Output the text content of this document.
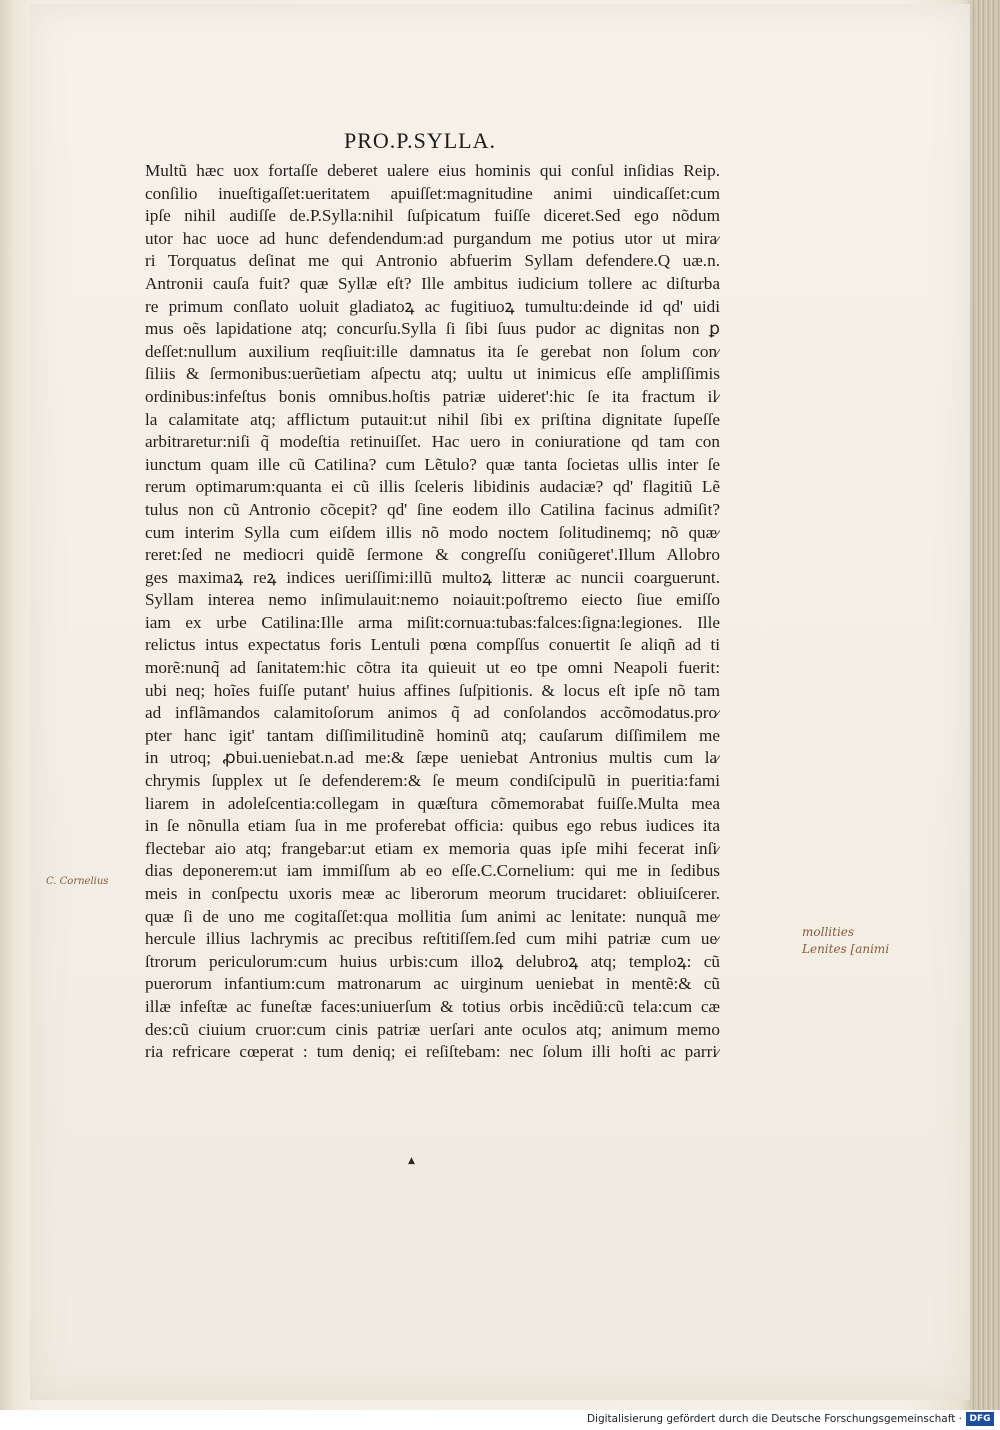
PRO.P.SYLLA.
Multũ hæc uox fortaſſe deberet ualere eius hominis qui conſul inſidias Reip.
conſilio inueſtigaſſet:ueritatem apuiſſet:magnitudine animi uindicaſſet:cum
ipſe nihil audiſſe de.P.Sylla:nihil ſuſpicatum fuiſſe diceret.Sed ego nõdum
utor hac uoce ad hunc defendendum:ad purgandum me potius utor ut mira⁄
ri Torquatus deſinat me qui Antronio abfuerim Syllam defendere.Q uæ.n.
Antronii cauſa fuit? quæ Syllæ eſt? Ille ambitus iudicium tollere ac diſturba
re primum conſlato uoluit gladiatoꝝ ac fugitiuoꝝ tumultu:deinde id qd' uidi
mus oẽs lapidatione atq; concurſu.Sylla ſi ſibi ſuus pudor ac dignitas non ꝑ
deſſet:nullum auxilium reqſiuit:ille damnatus ita ſe gerebat non ſolum con⁄
ſiliis & ſermonibus:uerũetiam aſpectu atq; uultu ut inimicus eſſe ampliſſimis
ordinibus:infeſtus bonis omnibus.hoſtis patriæ uideret':hic ſe ita fractum il⁄
la calamitate atq; afflictum putauit:ut nihil ſibi ex priſtina dignitate ſupeſſe
arbitraretur:niſi q̃ modeſtia retinuiſſet. Hac uero in coniuratione qd tam con
iunctum quam ille cũ Catilina? cum Lẽtulo? quæ tanta ſocietas ullis inter ſe
rerum optimarum:quanta ei cũ illis ſceleris libidinis audaciæ? qd' flagitiũ Lẽ
tulus non cũ Antronio cõcepit? qd' ſine eodem illo Catilina facinus admiſit?
cum interim Sylla cum eiſdem illis nõ modo noctem ſolitudinemq; nõ quæ⁄
reret:ſed ne mediocri quidẽ ſermone & congreſſu coniũgeret'.Illum Allobro
ges maximaꝝ reꝝ indices ueriſſimi:illũ multoꝝ litteræ ac nuncii coarguerunt.
Syllam interea nemo inſimulauit:nemo noiauit:poſtremo eiecto ſiue emiſſo
iam ex urbe Catilina:Ille arma miſit:cornua:tubas:falces:ſigna:legiones. Ille
relictus intus expectatus foris Lentuli pœna compſſus conuertit ſe aliqñ ad ti
morẽ:nunq̃ ad ſanitatem:hic cõtra ita quieuit ut eo tpe omni Neapoli fuerit:
ubi neq; hoĩes fuiſſe putant' huius affines ſuſpitionis. & locus eſt ipſe nõ tam
ad inflãmandos calamitoſorum animos q̃ ad conſolandos accõmodatus.pro⁄
pter hanc igit' tantam diſſimilitudinẽ hominũ atq; cauſarum diſſimilem me
in utroq; ꝓbui.ueniebat.n.ad me:& ſæpe ueniebat Antronius multis cum la⁄
chrymis ſupplex ut ſe defenderem:& ſe meum condiſcipulũ in pueritia:fami
liarem in adoleſcentia:collegam in quæſtura cõmemorabat fuiſſe.Multa mea
in ſe nõnulla etiam ſua in me proferebat officia: quibus ego rebus iudices ita
flectebar aio atq; frangebar:ut etiam ex memoria quas ipſe mihi fecerat inſi⁄
dias deponerem:ut iam immiſſum ab eo eſſe.C.Cornelium: qui me in ſedibus
meis in conſpectu uxoris meæ ac liberorum meorum trucidaret: obliuiſcerer.
quæ ſi de uno me cogitaſſet:qua mollitia ſum animi ac lenitate: nunquã me⁄
hercule illius lachrymis ac precibus reſtitiſſem.ſed cum mihi patriæ cum ue⁄
ſtrorum periculorum:cum huius urbis:cum illoꝝ delubroꝝ atq; temploꝝ: cũ
puerorum infantium:cum matronarum ac uirginum ueniebat in mentẽ:& cũ
illæ infeſtæ ac funeſtæ faces:uniuerſum & totius orbis incẽdiũ:cũ tela:cum cæ
des:cũ ciuium cruor:cum cinis patriæ uerſari ante oculos atq; animum memo
ria refricare cœperat : tum deniq; ei reſiſtebam: nec ſolum illi hoſti ac parri⁄
C. Cornelius
mollities
Lenites [animi
▲
Digitalisierung gefördert durch die Deutsche Forschungsgemeinschaft · DFG
